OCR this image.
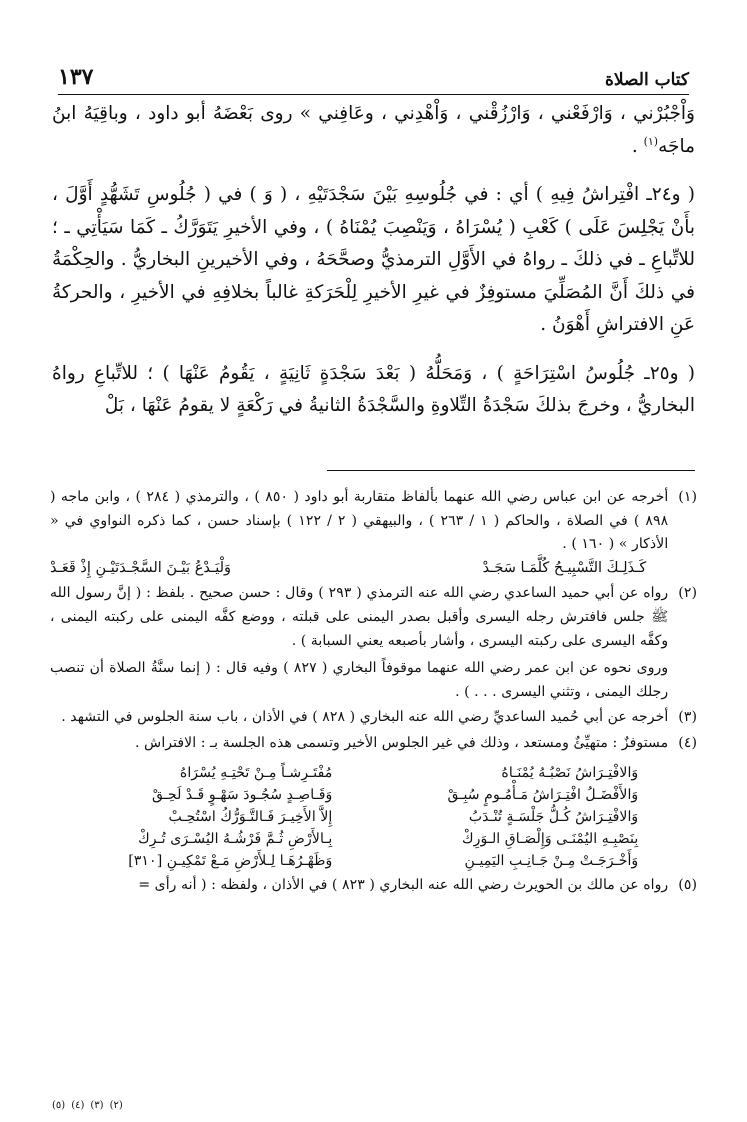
كتاب الصلاة
١٣٧

وَاْجْبُرْني ، وَارْفَعْني ، وَارْزُقْني ، وَاْهْدِني ، وعَافِني » روى بَعْضَهُ أبو داود ، وباقِيَهُ ابنُ ماجَه$^{(١)}$ .

( و٢٤ـ افْتِراشُ فِيهِ ) أي : في جُلُوسِهِ بَيْنَ سَجْدَتَيْهِ ، ( وَ ) في ( جُلُوسِ تَشَهُّدٍ أَوَّلَ ، بأَنْ يَجْلِسَ عَلَى ) كَعْبِ ( يُسْرَاهُ ، وَيَنْصِبَ يُمْنَاهُ ) ، وفي الأخيرِ يَتَوَرَّكُ ـ كَمَا سَيَأْتِي ـ ؛ للاتِّباعِ ـ في ذلكَ ـ رواهُ في الأَوَّلِ الترمذيُّ وصحَّحَهُ ، وفي الأخيرينِ البخاريُّ . والحِكْمَةُ في ذلكَ أَنَّ المُصَلِّيَ مستوفِزٌ في غيرِ الأخيرِ لِلْحَرَكةِ غالباً بخلافِهِ في الأخيرِ ، والحركةُ عَنِ الافتراشِ أَهْوَنُ .

( و٢٥ـ جُلُوسُ اسْتِرَاحَةٍ ) ، وَمَحَلُّهُ ( بَعْدَ سَجْدَةٍ ثَانِيَةٍ ، يَقُومُ عَنْهَا ) ؛ للاتِّباعِ رواهُ البخاريُّ ، وخرجَ بذلكَ سَجْدَةُ التِّلاوةِ والسَّجْدَةُ الثانيةُ في رَكْعَةٍ لا يقومُ عَنْهَا ، بَلْ

(١)

أخرجه عن ابن عباس رضي الله عنهما بألفاظ متقاربة أبو داود ( ٨٥٠ ) ، والترمذي ( ٢٨٤ ) ، وابن ماجه ( ٨٩٨ ) في الصلاة ، والحاكم ( ١ / ٢٦٣ ) ، والبيهقي ( ٢ / ١٢٢ ) بإسناد حسن ، كما ذكره النواوي في « الأذكار » ( ١٦٠ ) .

كَـذَلِـكَ التَّسْبِيـحُ كُلَّمَـا سَجَـدْ
وَلْيَـدْعُ بَيْـنَ السَّجْـدَتَيْـنِ إِذْ قَعَـدْ
(٢)

رواه عن أبي حميد الساعدي رضي الله عنه الترمذي ( ٢٩٣ ) وقال : حسن صحيح . بلفظ : ( إنَّ رسول الله ﷺ جلس فافترش رجله اليسرى وأقبل بصدر اليمنى على قبلته ، ووضع كفَّه اليمنى على ركبته اليمنى ، وكفَّه اليسرى على ركبته اليسرى ، وأشار بأصبعه يعني السبابة ) .

وروى نحوه عن ابن عمر رضي الله عنهما موقوفاً البخاري ( ٨٢٧ ) وفيه قال : ( إنما سنَّةُ الصلاة أن تنصب رجلك اليمنى ، وتثني اليسرى . . . ) .

(٣)

أخرجه عن أبي حُميد الساعديِّ رضي الله عنه البخاري ( ٨٢٨ ) في الأذان ، باب سنة الجلوس في التشهد .

(٤)

مستوفزٌ : متهيِّئٌ ومستعد ، وذلك في غير الجلوس الأخير وتسمى هذه الجلسة بـ : الافتراش .

وَالافْتِـرَاشُ نَصْبُـهُ يُمْنَـاهُ
مُفْتَـرِشـاً مِـنْ تَحْتِـهِ يُسْرَاهُ
وَالأَفْضَـلُ افْتِـرَاشُ مَـأْمُـومٍ سُبِـقْ
وَقَـاصِـدٍ سُجُـودَ سَهْـوٍ قَـدْ لَحِـقْ
وَالافْتِـرَاشُ كُـلُّ جَلْسَـةٍ تُنْـدَبُ
إِلاَّ الأَخِيـرَ فَـالتَّـوَرُّكُ اسْتُحِـبْ
بِنَصْبِـهِ اليُمْنَـى وَإِلْصَـاقِ الـوَرِكْ
بِـالأَرْضِ ثُـمَّ فَرْشُـهُ اليُسْـرَى تُـرِكْ
وَأَخْـرَجَـتْ مِـنْ جَـانِـبِ اليَمِيـنِ
وَظَهْـرُهَـا لِـلأَرْضِ مَـعْ تَمْكِيـنِ [٣١٠]
(٥)

رواه عن مالك بن الحويرث رضي الله عنه البخاري ( ٨٢٣ ) في الأذان ، ولفظه : ( أنه رأى =

(٢)
(٣)
(٤)
(٥)
